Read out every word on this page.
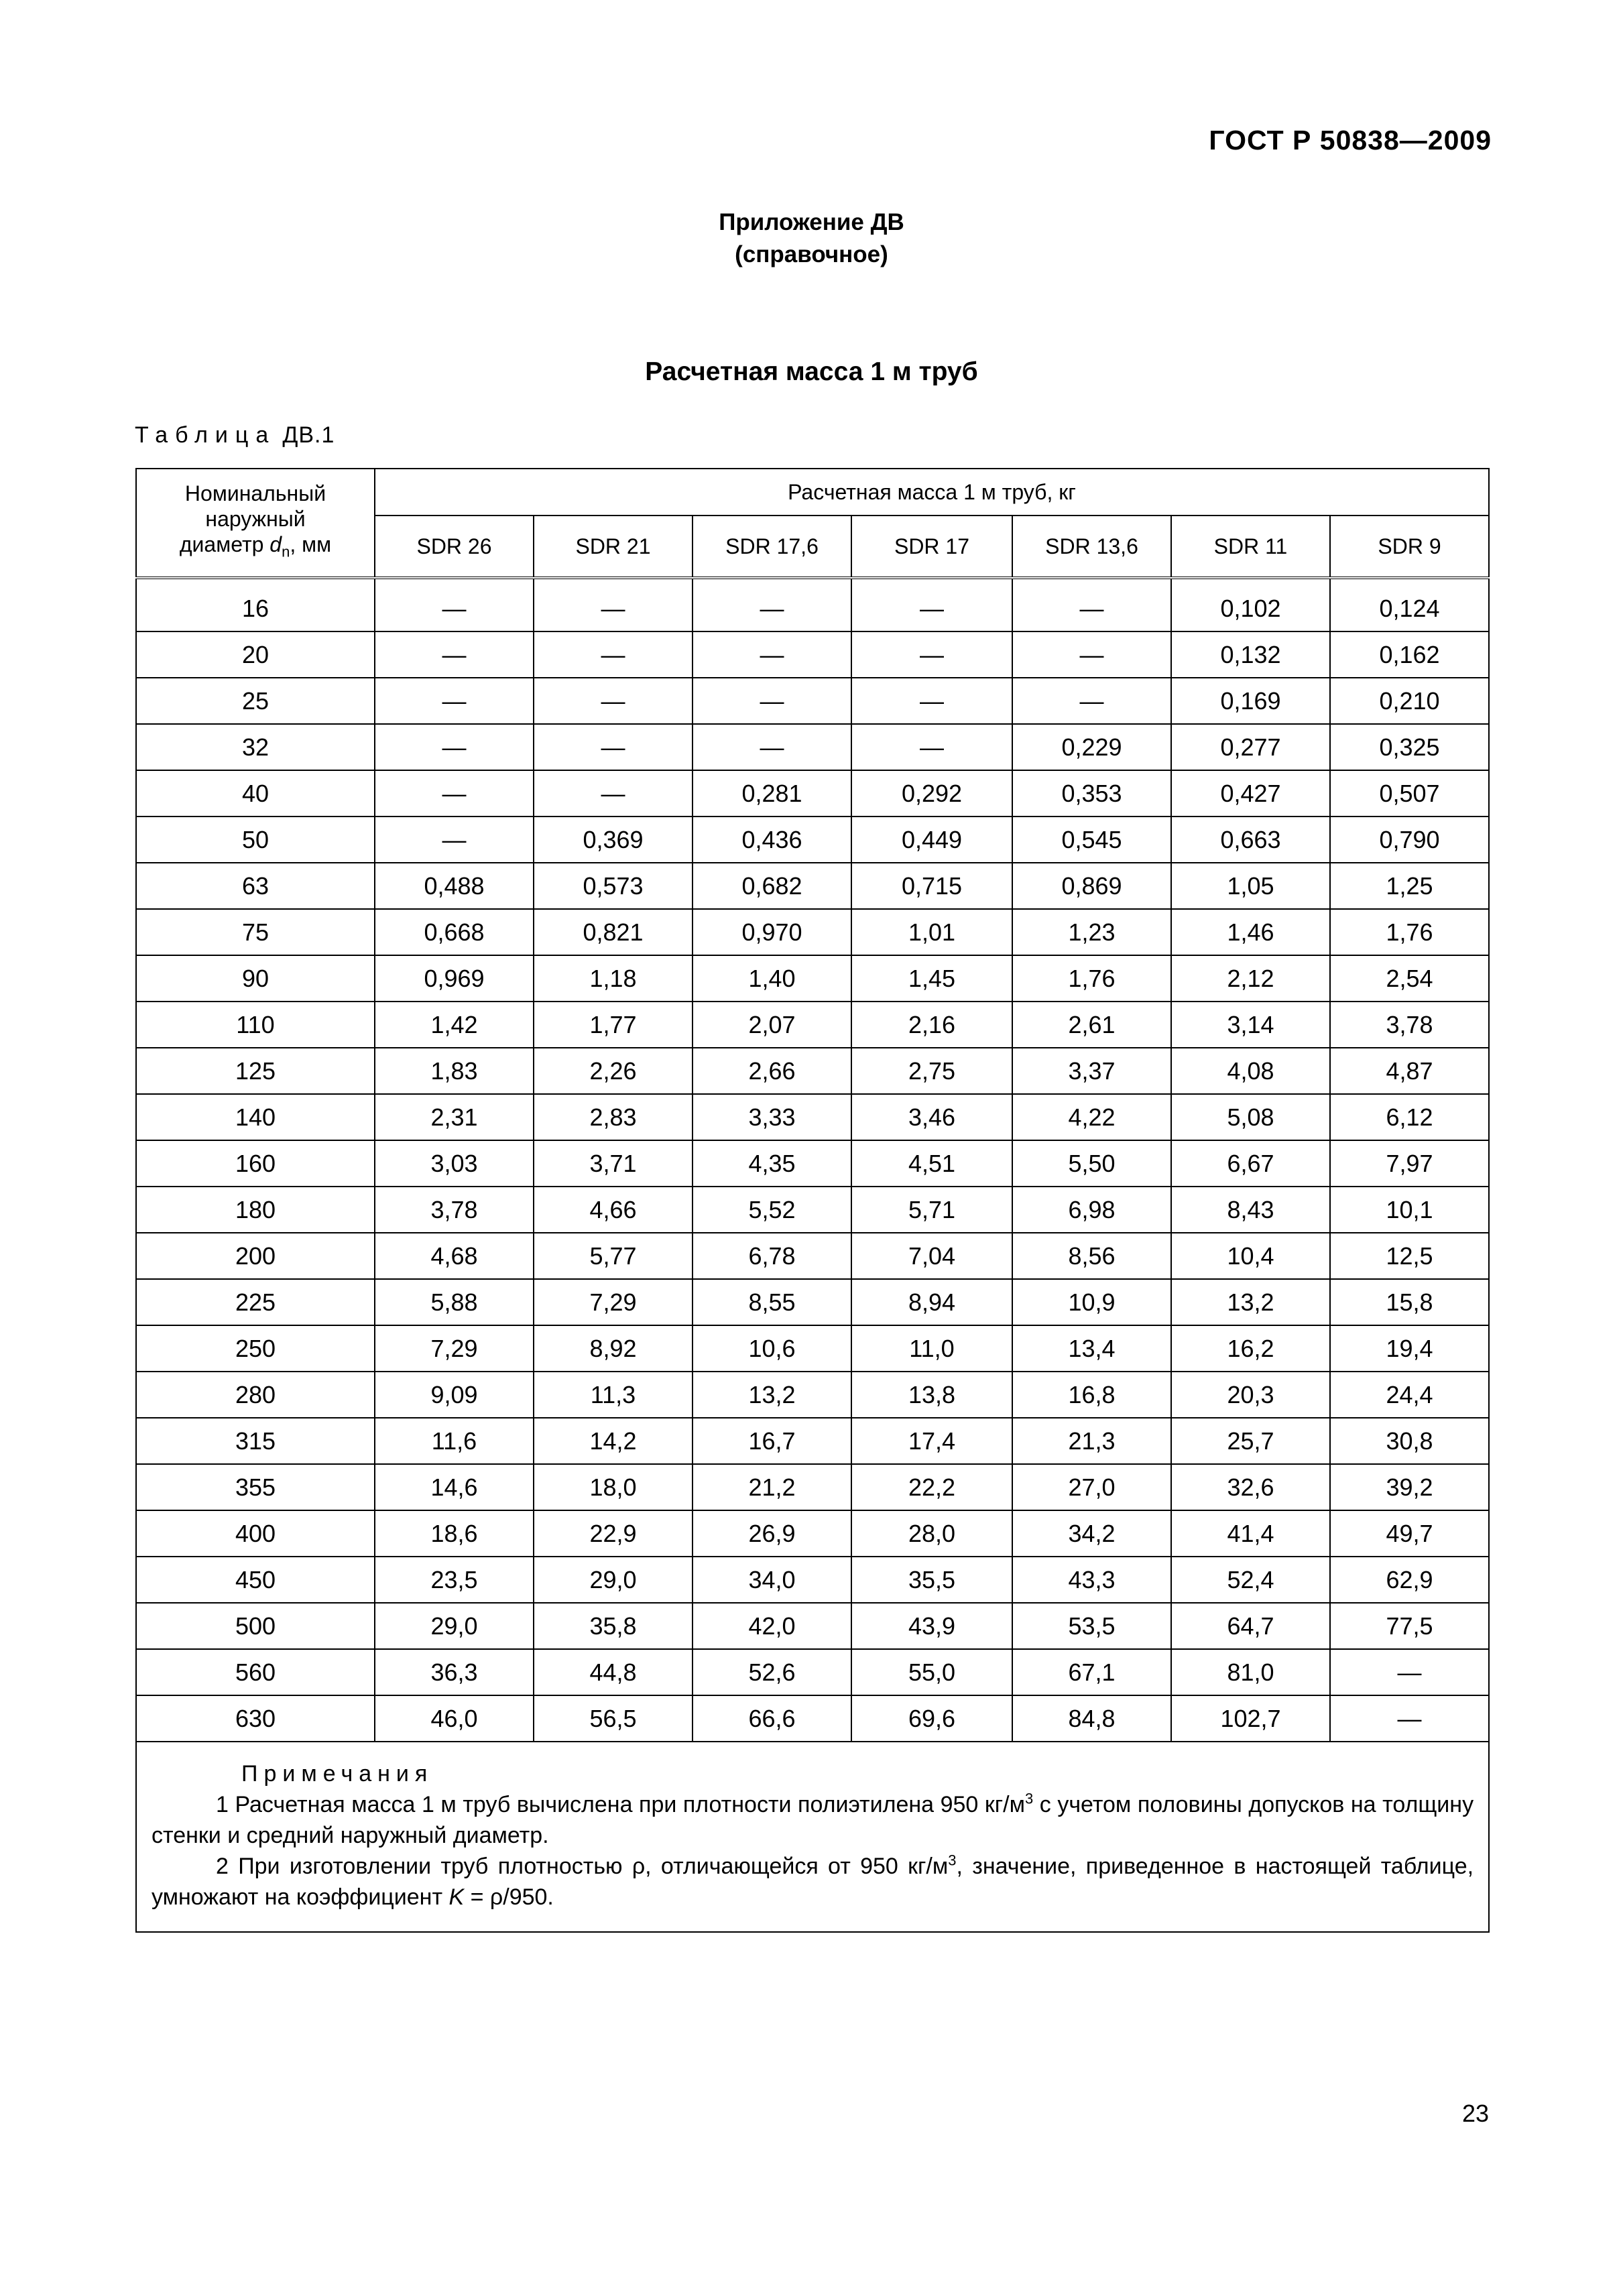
ГОСТ Р 50838—2009
Приложение ДВ
(справочное)
Расчетная масса 1 м труб
Таблица ДВ.1
Номинальный
наружный
диаметр $d_n$, мм	Расчетная масса 1 м труб, кг						
	SDR 26	SDR 21	SDR 17,6	SDR 17	SDR 13,6	SDR 11	SDR 9

16	—	—	—	—	—	0,102	0,124
20	—	—	—	—	—	0,132	0,162
25	—	—	—	—	—	0,169	0,210
32	—	—	—	—	0,229	0,277	0,325
40	—	—	0,281	0,292	0,353	0,427	0,507
50	—	0,369	0,436	0,449	0,545	0,663	0,790
63	0,488	0,573	0,682	0,715	0,869	1,05	1,25
75	0,668	0,821	0,970	1,01	1,23	1,46	1,76
90	0,969	1,18	1,40	1,45	1,76	2,12	2,54
110	1,42	1,77	2,07	2,16	2,61	3,14	3,78
125	1,83	2,26	2,66	2,75	3,37	4,08	4,87
140	2,31	2,83	3,33	3,46	4,22	5,08	6,12
160	3,03	3,71	4,35	4,51	5,50	6,67	7,97
180	3,78	4,66	5,52	5,71	6,98	8,43	10,1
200	4,68	5,77	6,78	7,04	8,56	10,4	12,5
225	5,88	7,29	8,55	8,94	10,9	13,2	15,8
250	7,29	8,92	10,6	11,0	13,4	16,2	19,4
280	9,09	11,3	13,2	13,8	16,8	20,3	24,4
315	11,6	14,2	16,7	17,4	21,3	25,7	30,8
355	14,6	18,0	21,2	22,2	27,0	32,6	39,2
400	18,6	22,9	26,9	28,0	34,2	41,4	49,7
450	23,5	29,0	34,0	35,5	43,3	52,4	62,9
500	29,0	35,8	42,0	43,9	53,5	64,7	77,5
560	36,3	44,8	52,6	55,0	67,1	81,0	—
630	46,0	56,5	66,6	69,6	84,8	102,7	—

Примечания
1 Расчетная масса 1 м труб вычислена при плотности полиэтилена 950 $кг/м^3$ с учетом половины допусков на толщину стенки и средний наружный диаметр.
2 При изготовлении труб плотностью ρ, отличающейся от 950 $кг/м^3$, значение, приведенное в настоящей таблице, умножают на коэффициент K = ρ/950.							
23
